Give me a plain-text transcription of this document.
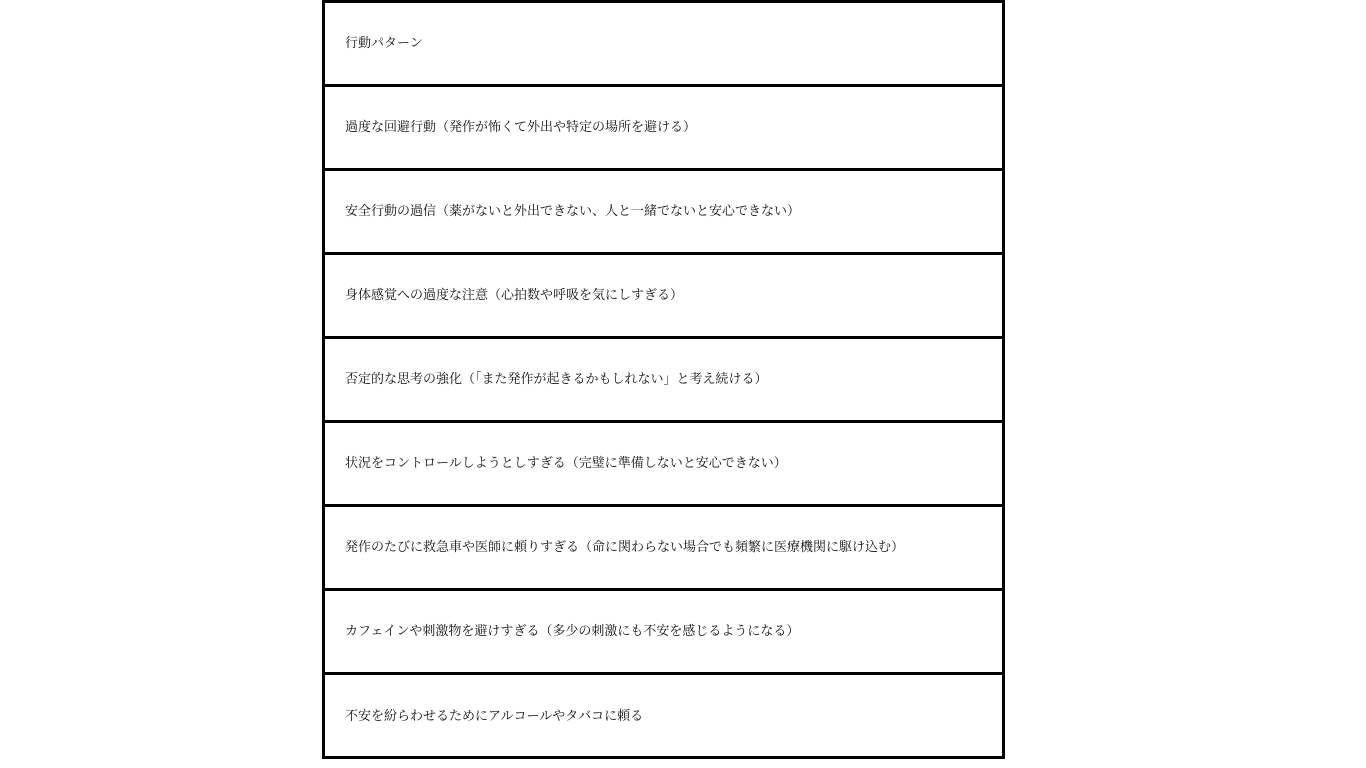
行動パターン
過度な回避行動（発作が怖くて外出や特定の場所を避ける）
安全行動の過信（薬がないと外出できない、人と一緒でないと安心できない）
身体感覚への過度な注意（心拍数や呼吸を気にしすぎる）
否定的な思考の強化（「また発作が起きるかもしれない」と考え続ける）
状況をコントロールしようとしすぎる（完璧に準備しないと安心できない）
発作のたびに救急車や医師に頼りすぎる（命に関わらない場合でも頻繁に医療機関に駆け込む）
カフェインや刺激物を避けすぎる（多少の刺激にも不安を感じるようになる）
不安を紛らわせるためにアルコールやタバコに頼る
